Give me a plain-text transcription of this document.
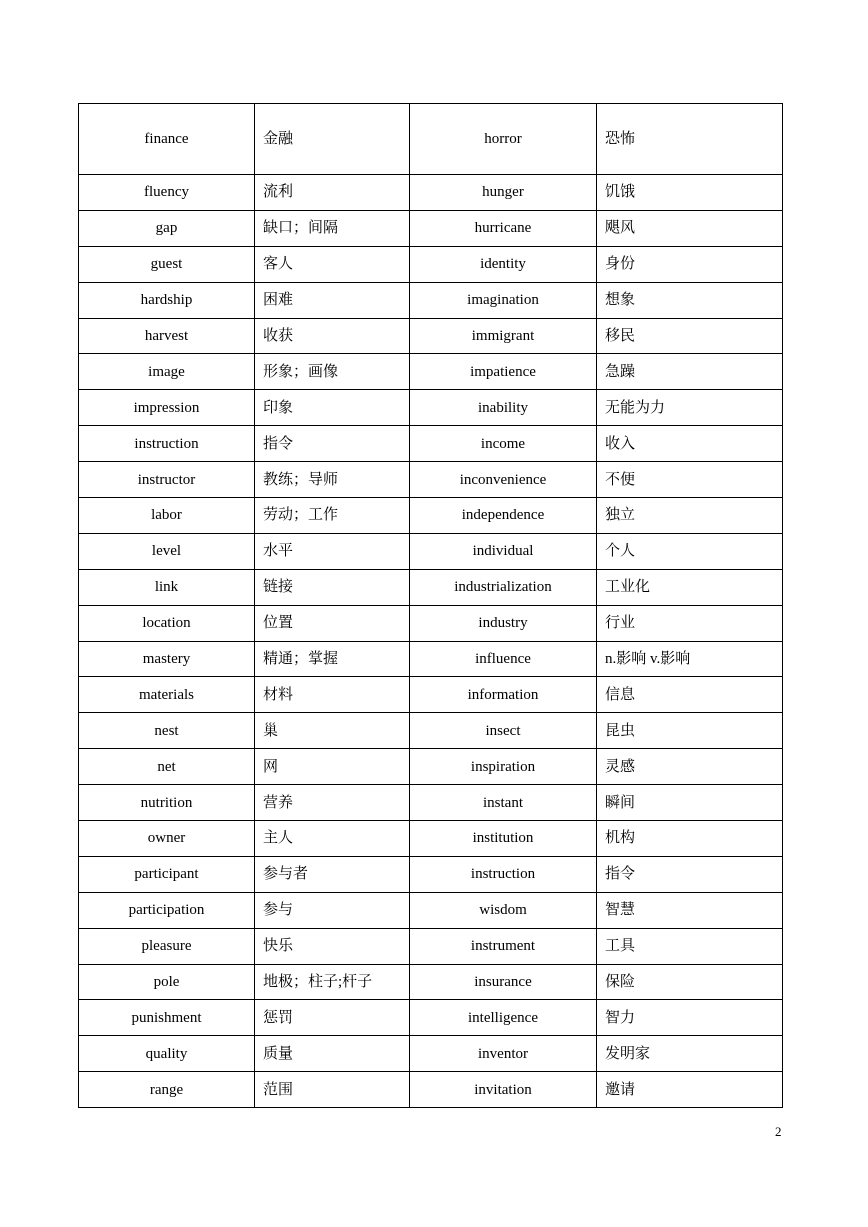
finance	金融	horror	恐怖
fluency	流利	hunger	饥饿
gap	缺口；间隔	hurricane	飓风
guest	客人	identity	身份
hardship	困难	imagination	想象
harvest	收获	immigrant	移民
image	形象；画像	impatience	急躁
impression	印象	inability	无能为力
instruction	指令	income	收入
instructor	教练；导师	inconvenience	不便
labor	劳动；工作	independence	独立
level	水平	individual	个人
link	链接	industrialization	工业化
location	位置	industry	行业
mastery	精通；掌握	influence	n.影响 v.影响
materials	材料	information	信息
nest	巢	insect	昆虫
net	网	inspiration	灵感
nutrition	营养	instant	瞬间
owner	主人	institution	机构
participant	参与者	instruction	指令
participation	参与	wisdom	智慧
pleasure	快乐	instrument	工具
pole	地极；柱子;杆子	insurance	保险
punishment	惩罚	intelligence	智力
quality	质量	inventor	发明家
range	范围	invitation	邀请
2
